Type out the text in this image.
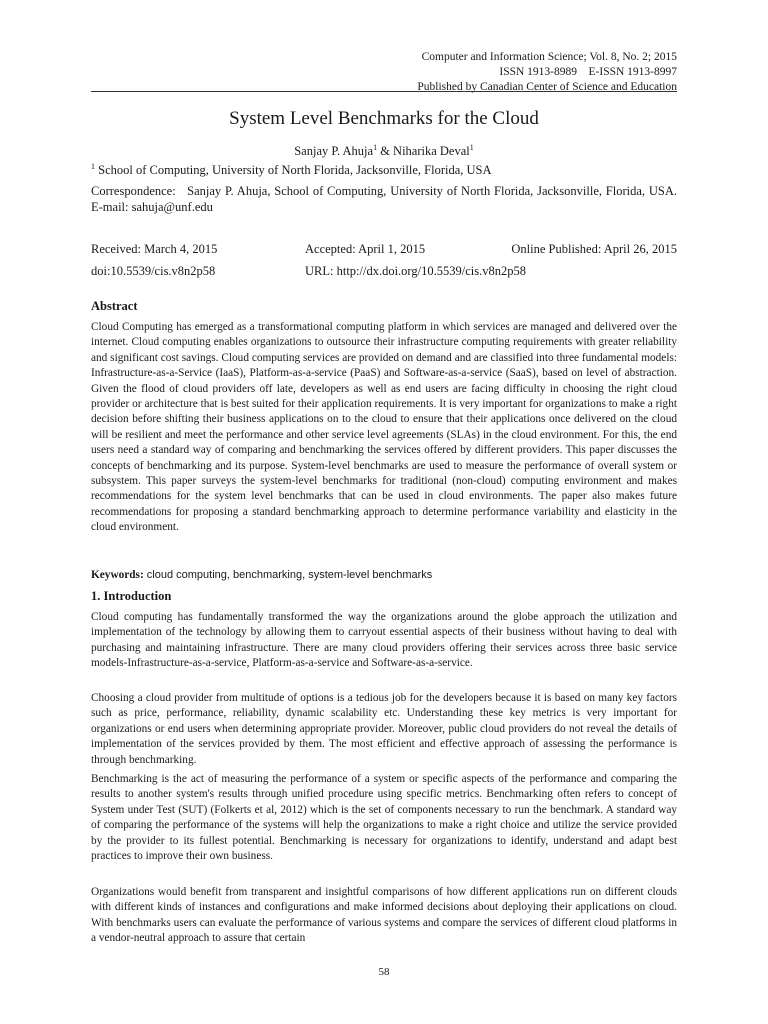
Computer and Information Science; Vol. 8, No. 2; 2015
ISSN 1913-8989    E-ISSN 1913-8997
Published by Canadian Center of Science and Education
System Level Benchmarks for the Cloud
Sanjay P. Ahuja$^1$ & Niharika Deval$^1$
$^1$ School of Computing, University of North Florida, Jacksonville, Florida, USA
Correspondence:   Sanjay P. Ahuja, School of Computing, University of North Florida, Jacksonville, Florida, USA. E-mail: sahuja@unf.edu
Received: March 4, 2015	Accepted: April 1, 2015	Online Published: April 26, 2015
doi:10.5539/cis.v8n2p58	URL: http://dx.doi.org/10.5539/cis.v8n2p58
Abstract
Cloud Computing has emerged as a transformational computing platform in which services are managed and delivered over the internet. Cloud computing enables organizations to outsource their infrastructure computing requirements with greater reliability and significant cost savings. Cloud computing services are provided on demand and are classified into three fundamental models: Infrastructure-as-a-Service (IaaS), Platform-as-a-service (PaaS) and Software-as-a-service (SaaS), based on level of abstraction. Given the flood of cloud providers off late, developers as well as end users are facing difficulty in choosing the right cloud provider or architecture that is best suited for their application requirements. It is very important for organizations to make a right decision before shifting their business applications on to the cloud to ensure that their applications once delivered on the cloud will be resilient and meet the performance and other service level agreements (SLAs) in the cloud environment. For this, the end users need a standard way of comparing and benchmarking the services offered by different providers. This paper discusses the concepts of benchmarking and its purpose. System-level benchmarks are used to measure the performance of overall system or subsystem. This paper surveys the system-level benchmarks for traditional (non-cloud) computing environment and makes recommendations for the system level benchmarks that can be used in cloud environments. The paper also makes future recommendations for proposing a standard benchmarking approach to determine performance variability and elasticity in the cloud environment.
Keywords: cloud computing, benchmarking, system-level benchmarks
1. Introduction
Cloud computing has fundamentally transformed the way the organizations around the globe approach the utilization and implementation of the technology by allowing them to carryout essential aspects of their business without having to deal with purchasing and maintaining infrastructure. There are many cloud providers offering their services across three basic service models-Infrastructure-as-a-service, Platform-as-a-service and Software-as-a-service.
Choosing a cloud provider from multitude of options is a tedious job for the developers because it is based on many key factors such as price, performance, reliability, dynamic scalability etc. Understanding these key metrics is very important for organizations or end users when determining appropriate provider. Moreover, public cloud providers do not reveal the details of implementation of the services provided by them. The most efficient and effective approach of assessing the performance is through benchmarking.
Benchmarking is the act of measuring the performance of a system or specific aspects of the performance and comparing the results to another system's results through unified procedure using specific metrics. Benchmarking often refers to concept of System under Test (SUT) (Folkerts et al, 2012) which is the set of components necessary to run the benchmark. A standard way of comparing the performance of the systems will help the organizations to make a right choice and utilize the service provided by the provider to its fullest potential. Benchmarking is necessary for organizations to identify, understand and adapt best practices to improve their own business.
Organizations would benefit from transparent and insightful comparisons of how different applications run on different clouds with different kinds of instances and configurations and make informed decisions about deploying their applications on cloud. With benchmarks users can evaluate the performance of various systems and compare the services of different cloud platforms in a vendor-neutral approach to assure that certain
58
